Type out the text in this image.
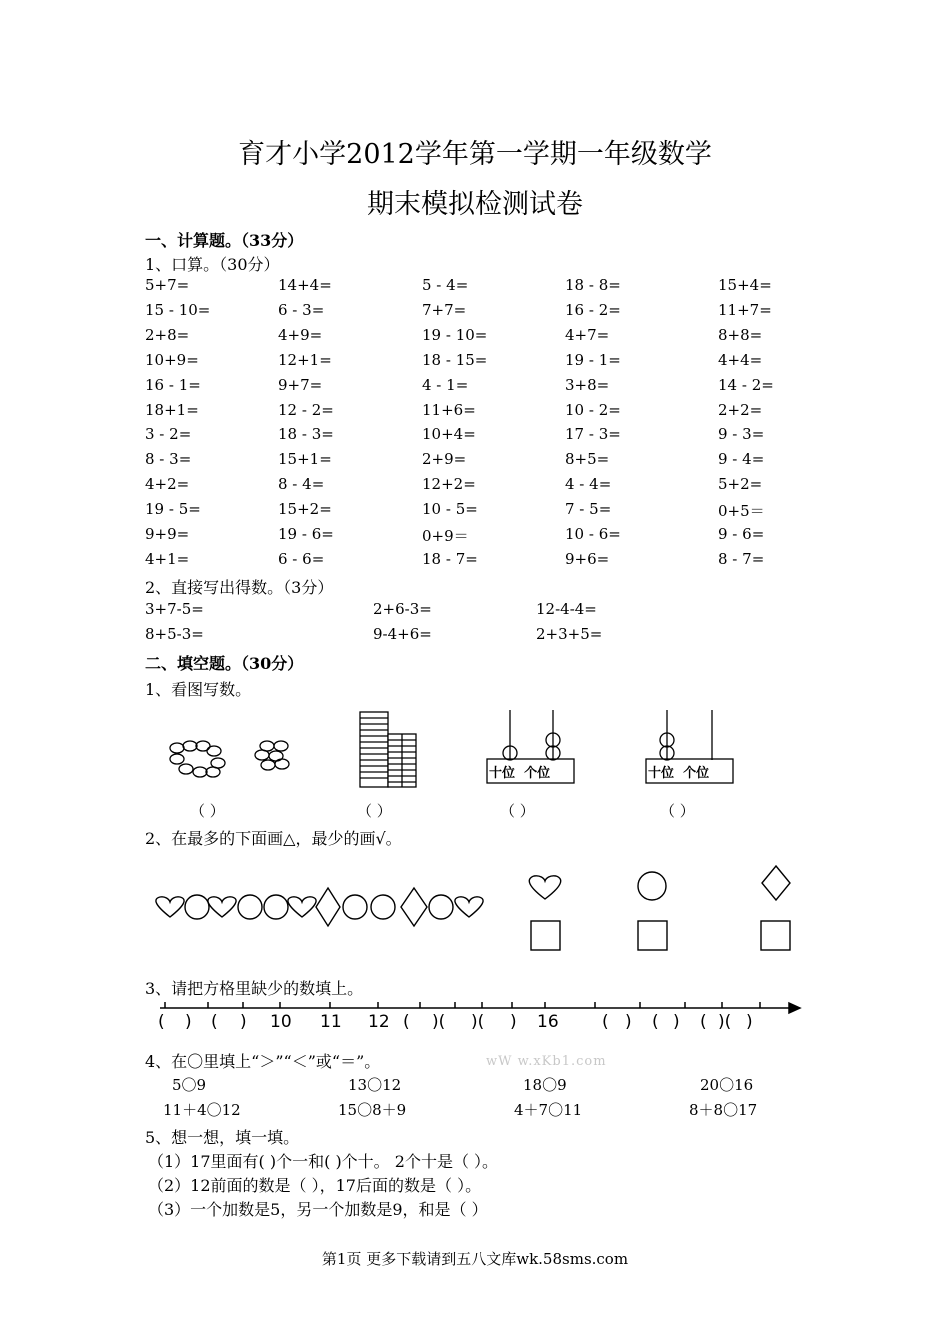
育才小学2012学年第一学期一年级数学
期末模拟检测试卷
一、计算题。（33分）
1、口算。（30分）
5+7=	14+4=	5 - 4=	18 - 8=	15+4=
15 - 10=	6 - 3=	7+7=	16 - 2=	11+7=
2+8=	4+9=	19 - 10=	4+7=	8+8=
10+9=	12+1=	18 - 15=	19 - 1=	4+4=
16 - 1=	9+7=	4 - 1=	3+8=	14 - 2=
18+1=	12 - 2=	11+6=	10 - 2=	2+2=
3 - 2=	18 - 3=	10+4=	17 - 3=	9 - 3=
8 - 3=	15+1=	2+9=	8+5=	9 - 4=
4+2=	8 - 4=	12+2=	4 - 4=	5+2=
19 - 5=	15+2=	10 - 5=	7 - 5=	0+5＝
9+9=	19 - 6=	0+9＝	10 - 6=	9 - 6=
4+1=	6 - 6=	18 - 7=	9+6=	8 - 7=
2、直接写出得数。（3分）
3+7-5=	2+6-3=	12-4-4=
8+5-3=	9-4+6=	2+3+5=
二、填空题。（30分）
1、看图写数。
十位 个位	十位 个位
（ ）	（ ）	（ ）	（ ）
2、在最多的下面画△，最少的画√。
3、请把方格里缺少的数填上。
( ) ( ) 10 11 12 ( )( )( ) 16	( ) ( ) ( )( )
4、在〇里填上“＞”“＜”或“＝”。	wW w.xKb1.com
5〇9	13〇12	18〇9	20〇16
11＋4〇12	15〇8＋9	4＋7〇11	8＋8〇17
5、想一想，填一填。
（1）17里面有( )个一和( )个十。 2个十是（ ）。
（2）12前面的数是（ ），17后面的数是（ ）。
（3）一个加数是5，另一个加数是9，和是（ ）
第1页 更多下载请到五八文库wk.58sms.com
